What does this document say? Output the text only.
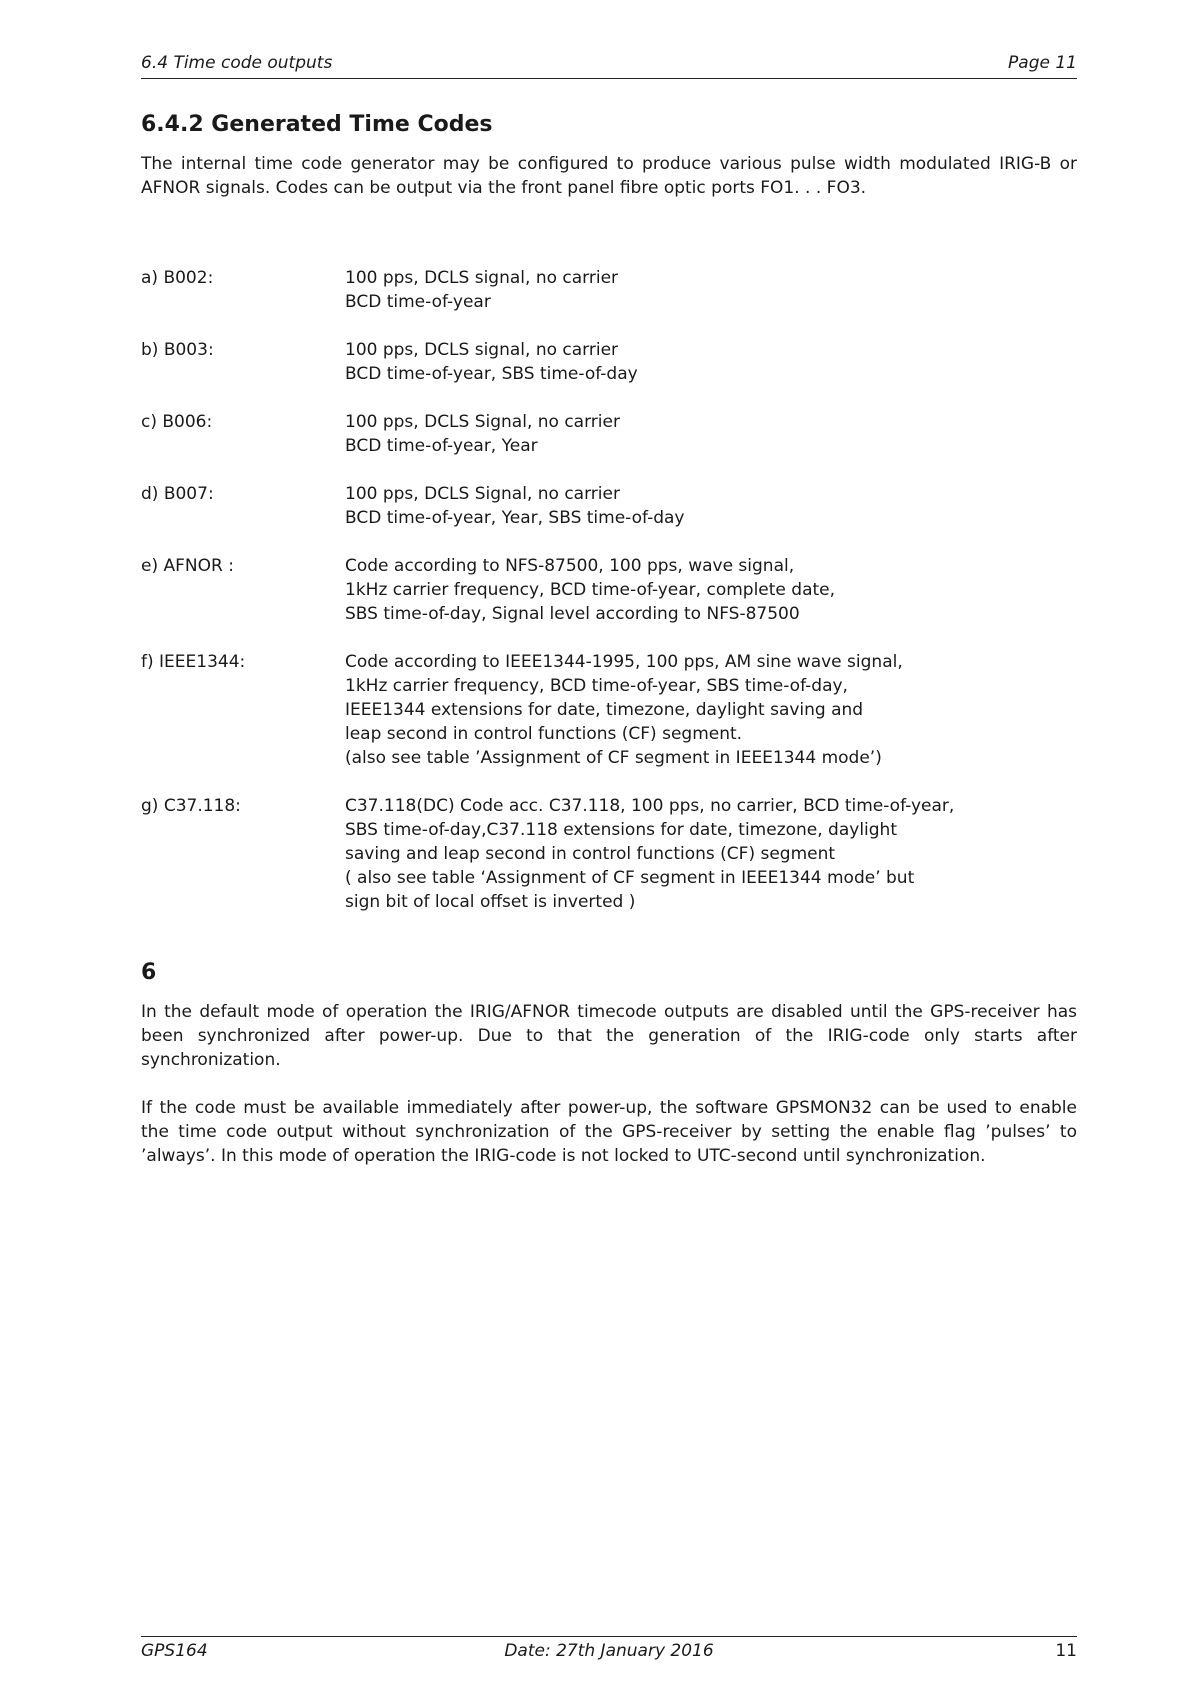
6.4 Time code outputs	Page 11
6.4.2 Generated Time Codes

The internal time code generator may be configured to produce various pulse width modulated IRIG-B or AFNOR signals. Codes can be output via the front panel fibre optic ports FO1. . . FO3.

a) B002:	100 pps, DCLS signal, no carrier
BCD time-of-year
b) B003:	100 pps, DCLS signal, no carrier
BCD time-of-year, SBS time-of-day
c) B006:	100 pps, DCLS Signal, no carrier
BCD time-of-year, Year
d) B007:	100 pps, DCLS Signal, no carrier
BCD time-of-year, Year, SBS time-of-day
e) AFNOR :	Code according to NFS-87500, 100 pps, wave signal,
1kHz carrier frequency, BCD time-of-year, complete date,
SBS time-of-day, Signal level according to NFS-87500
f) IEEE1344:	Code according to IEEE1344-1995, 100 pps, AM sine wave signal,
1kHz carrier frequency, BCD time-of-year, SBS time-of-day,
IEEE1344 extensions for date, timezone, daylight saving and
leap second in control functions (CF) segment.
(also see table ’Assignment of CF segment in IEEE1344 mode’)
g) C37.118:	C37.118(DC) Code acc. C37.118, 100 pps, no carrier, BCD time-of-year,
SBS time-of-day,C37.118 extensions for date, timezone, daylight
saving and leap second in control functions (CF) segment
( also see table ‘Assignment of CF segment in IEEE1344 mode’ but
sign bit of local offset is inverted )
6

In the default mode of operation the IRIG/AFNOR timecode outputs are disabled until the GPS-receiver has been synchronized after power-up. Due to that the generation of the IRIG-code only starts after synchronization.

If the code must be available immediately after power-up, the software GPSMON32 can be used to enable the time code output without synchronization of the GPS-receiver by setting the enable flag ’pulses’ to ’always’. In this mode of operation the IRIG-code is not locked to UTC-second until synchronization.

GPS164	Date: 27th January 2016	11
